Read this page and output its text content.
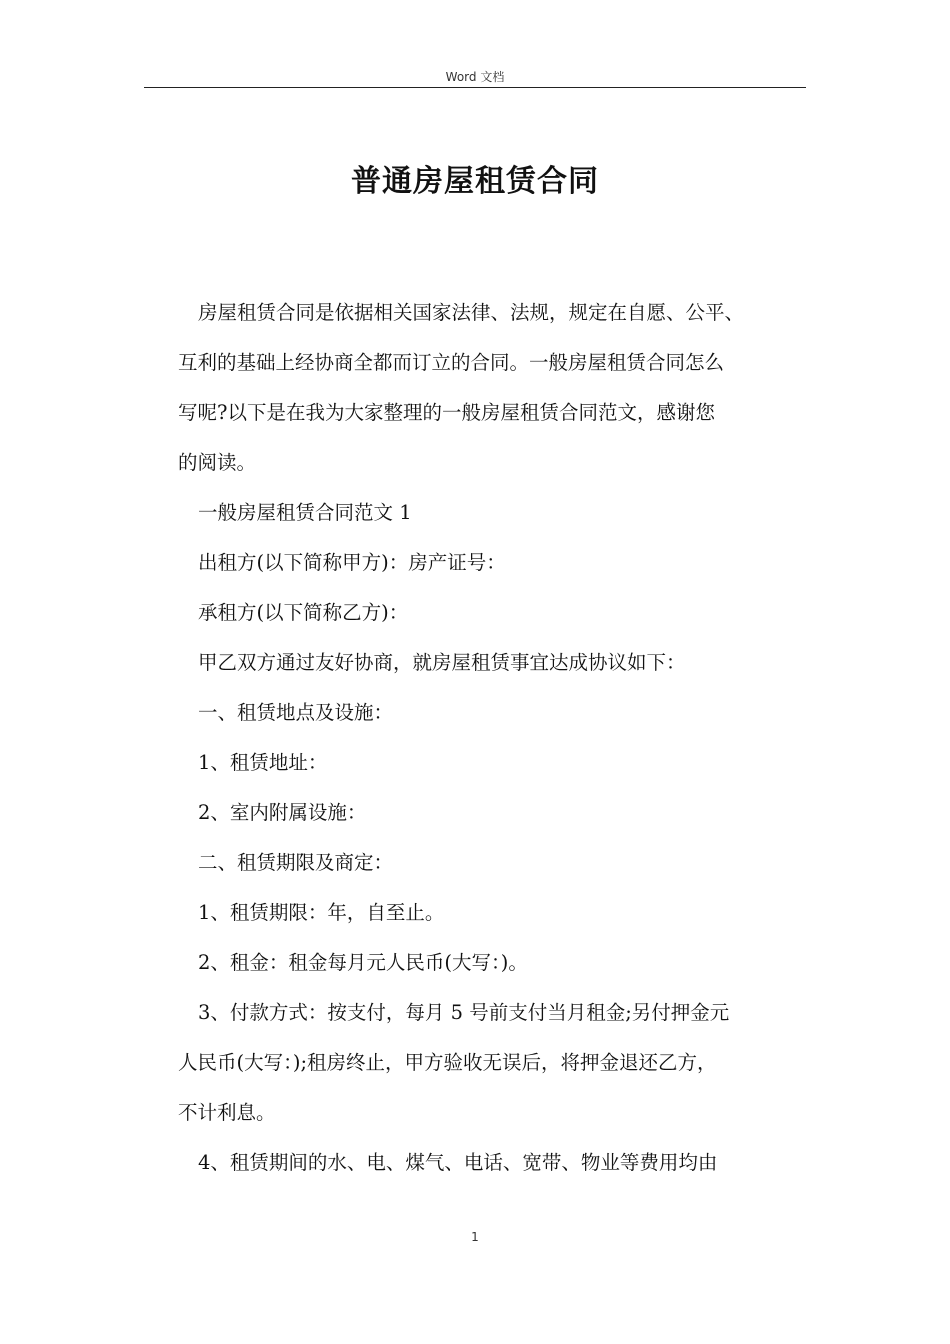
Word 文档
普通房屋租赁合同

房屋租赁合同是依据相关国家法律、法规，规定在自愿、公平、

互利的基础上经协商全都而订立的合同。一般房屋租赁合同怎么

写呢?以下是在我为大家整理的一般房屋租赁合同范文，感谢您

的阅读。

一般房屋租赁合同范文 1

出租方(以下简称甲方)：房产证号：

承租方(以下简称乙方)：

甲乙双方通过友好协商，就房屋租赁事宜达成协议如下：

一、租赁地点及设施：

1、租赁地址：

2、室内附属设施：

二、租赁期限及商定：

1、租赁期限：年，自至止。

2、租金：租金每月元人民币(大写：)。

3、付款方式：按支付，每月 5 号前支付当月租金;另付押金元

人民币(大写：);租房终止，甲方验收无误后，将押金退还乙方，

不计利息。

4、租赁期间的水、电、煤气、电话、宽带、物业等费用均由

1
